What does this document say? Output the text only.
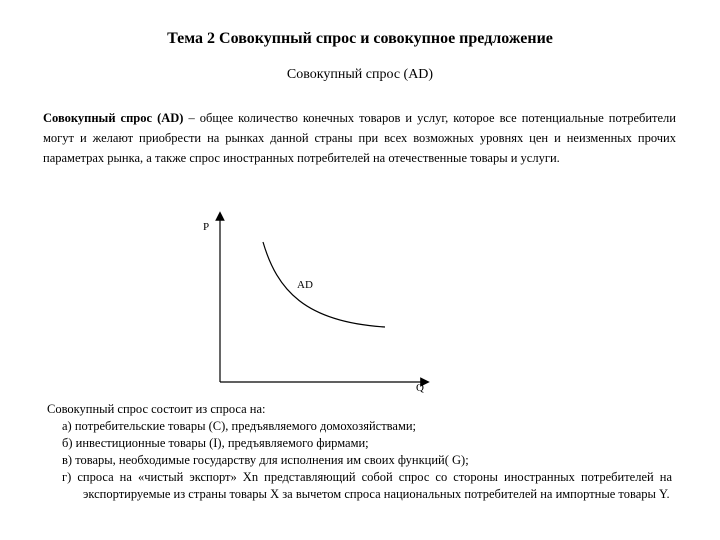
Тема 2 Совокупный спрос и совокупное предложение
Совокупный спрос (AD)
Совокупный спрос (AD) – общее количество конечных товаров и услуг, которое все потенциальные потребители могут и желают приобрести на рынках данной страны при всех возможных уровнях цен и неизменных прочих параметрах рынка, а также спрос иностранных потребителей на отечественные товары и услуги.
P
Q
AD
Совокупный спрос состоит из спроса на:
а) потребительские товары (C), предъявляемого домохозяйствами;
б) инвестиционные товары (I), предъявляемого фирмами;
в) товары, необходимые государству для исполнения им своих функций( G);
г) спроса на «чистый экспорт» Xn представляющий собой спрос со стороны иностранных потребителей на экспортируемые из страны товары X за вычетом спроса национальных потребителей на импортные товары Y.
